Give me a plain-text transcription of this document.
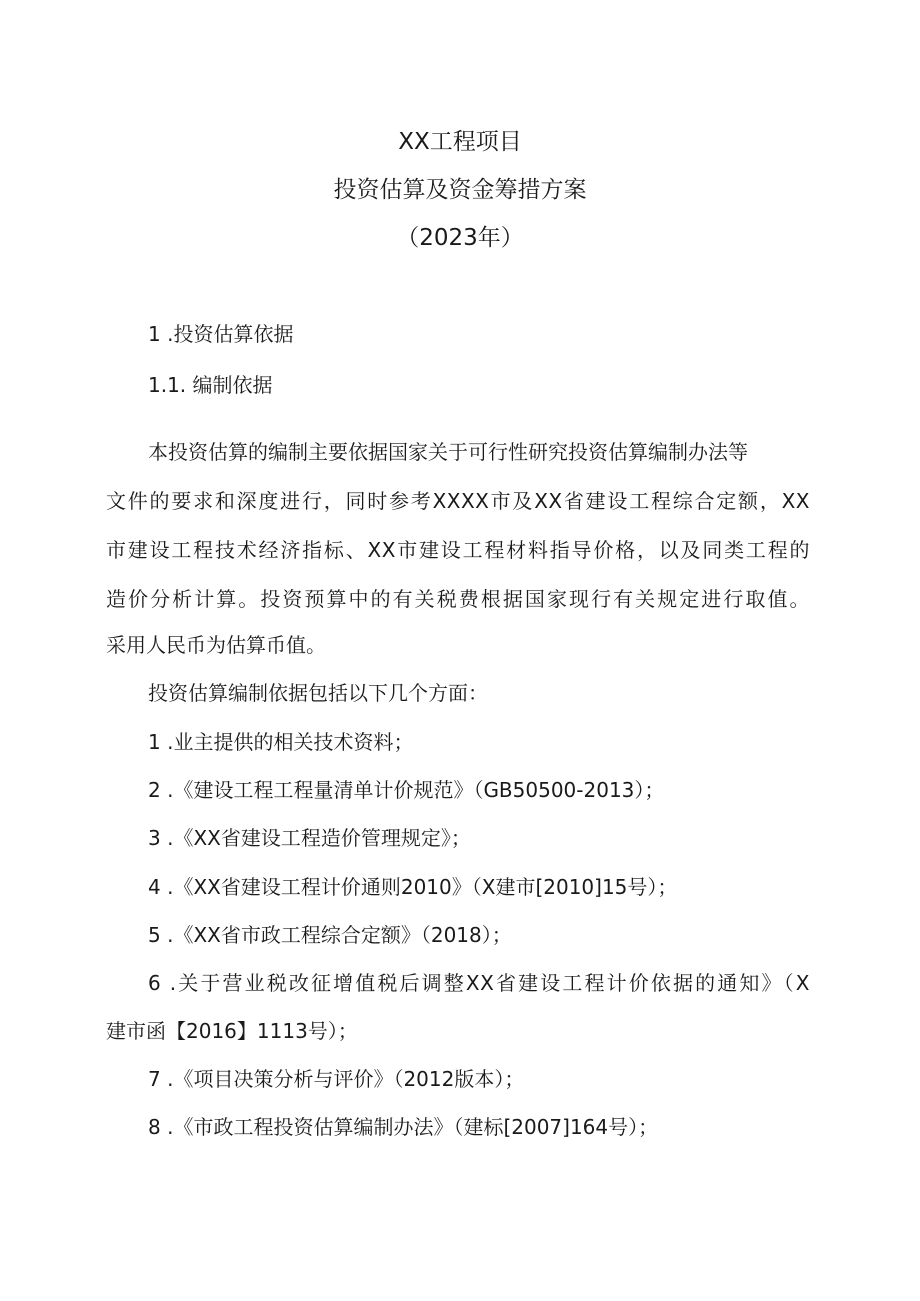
XX工程项目
投资估算及资金筹措方案
（2023年）
1 .投资估算依据
1.1. 编制依据
本投资估算的编制主要依据国家关于可行性研究投资估算编制办法等
文件的要求和深度进行，同时参考XXXX市及XX省建设工程综合定额，XX
市建设工程技术经济指标、XX市建设工程材料指导价格，以及同类工程的
造价分析计算。投资预算中的有关税费根据国家现行有关规定进行取值。
采用人民币为估算币值。
投资估算编制依据包括以下几个方面：
1 .业主提供的相关技术资料；
2 .《建设工程工程量清单计价规范》（GB50500-2013）；
3 .《XX省建设工程造价管理规定》；
4 .《XX省建设工程计价通则2010》（X建市[2010]15号）；
5 .《XX省市政工程综合定额》（2018）；
6 .关于营业税改征增值税后调整XX省建设工程计价依据的通知》（X
建市函【2016】1113号）；
7 .《项目决策分析与评价》（2012版本）；
8 .《市政工程投资估算编制办法》（建标[2007]164号）；
